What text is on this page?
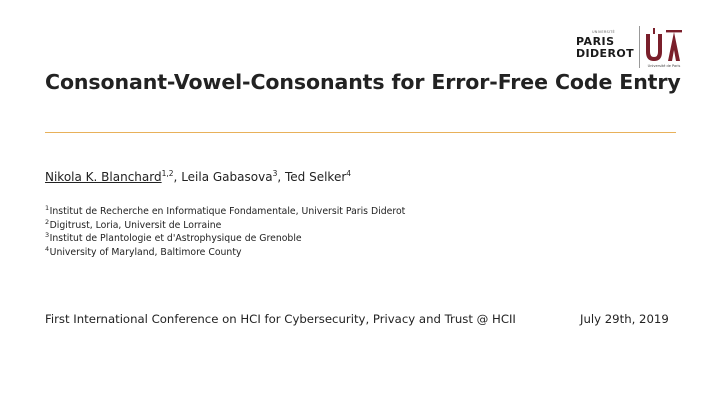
UNIVERSITÉ
PARIS
DIDEROT
Université de Paris
Consonant-Vowel-Consonants for Error-Free Code Entry
Nikola K. Blanchard$^{1,2}$, Leila Gabasova$^3$, Ted Selker$^4$
$^1$Institut de Recherche en Informatique Fondamentale, Universit Paris Diderot
$^2$Digitrust, Loria, Universit de Lorraine
$^3$Institut de Plantologie et d'Astrophysique de Grenoble
$^4$University of Maryland, Baltimore County
First International Conference on HCI for Cybersecurity, Privacy and Trust @ HCII	July 29th, 2019
